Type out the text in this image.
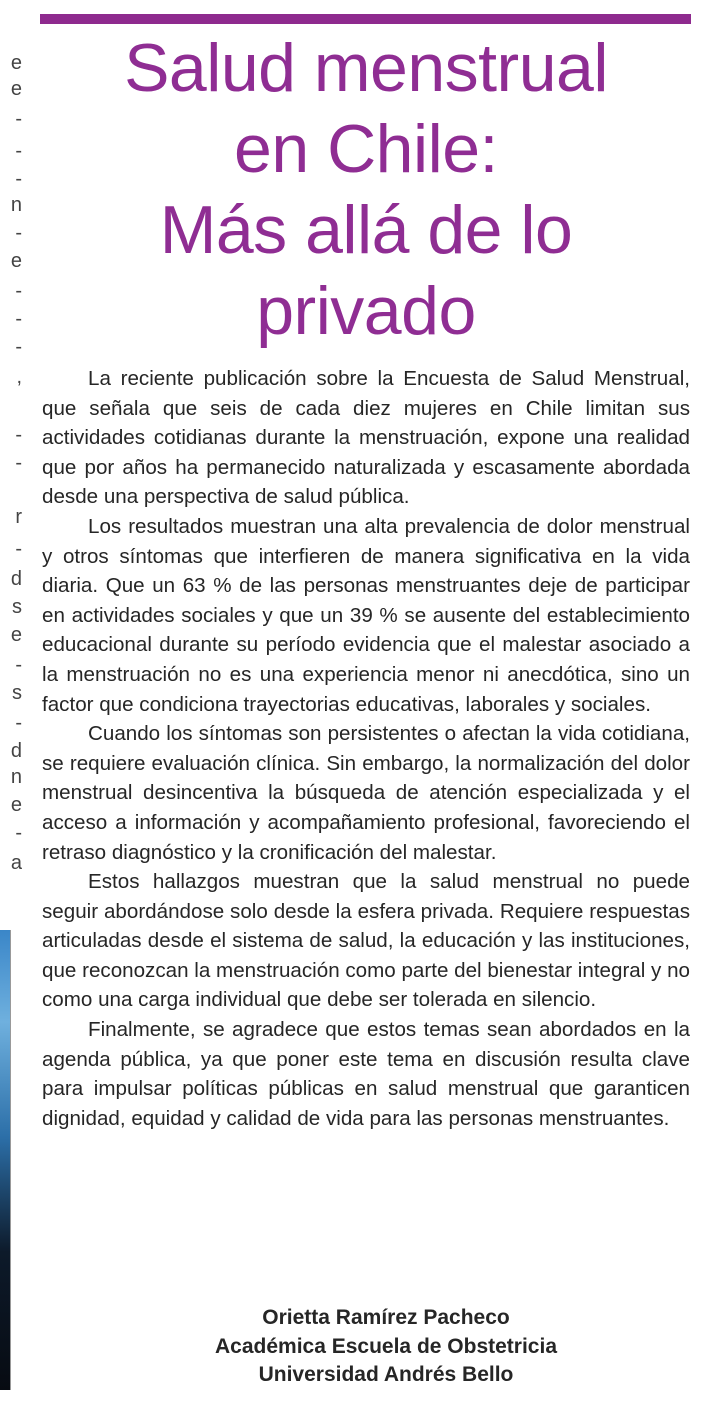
e
e
-
-
-
n
-
e
-
-
-
,
-
-
r
-
d
s
e
-
s
-
d
n
e
-
a
Salud menstrual
en Chile:
Más allá de lo
privado

La reciente publicación sobre la Encuesta de Salud Menstrual, que señala que seis de cada diez mujeres en Chile limitan sus actividades cotidianas durante la menstruación, expone una realidad que por años ha permanecido naturalizada y escasamente abordada desde una perspectiva de salud pública.

Los resultados muestran una alta prevalencia de dolor menstrual y otros síntomas que interfieren de manera significativa en la vida diaria. Que un 63 % de las personas menstruantes deje de participar en actividades sociales y que un 39 % se ausente del establecimiento educacional durante su período evidencia que el malestar asociado a la menstruación no es una experiencia menor ni anecdótica, sino un factor que condiciona trayectorias educativas, laborales y sociales.

Cuando los síntomas son persistentes o afectan la vida cotidiana, se requiere evaluación clínica. Sin embargo, la normalización del dolor menstrual desincentiva la búsqueda de atención especializada y el acceso a información y acompañamiento profesional, favoreciendo el retraso diagnóstico y la cronificación del malestar.

Estos hallazgos muestran que la salud menstrual no puede seguir abordándose solo desde la esfera privada. Requiere respuestas articuladas desde el sistema de salud, la educación y las instituciones, que reconozcan la menstruación como parte del bienestar integral y no como una carga individual que debe ser tolerada en silencio.

Finalmente, se agradece que estos temas sean abordados en la agenda pública, ya que poner este tema en discusión resulta clave para impulsar políticas públicas en salud menstrual que garanticen dignidad, equidad y calidad de vida para las personas menstruantes.

Orietta Ramírez Pacheco
Académica Escuela de Obstetricia
Universidad Andrés Bello
